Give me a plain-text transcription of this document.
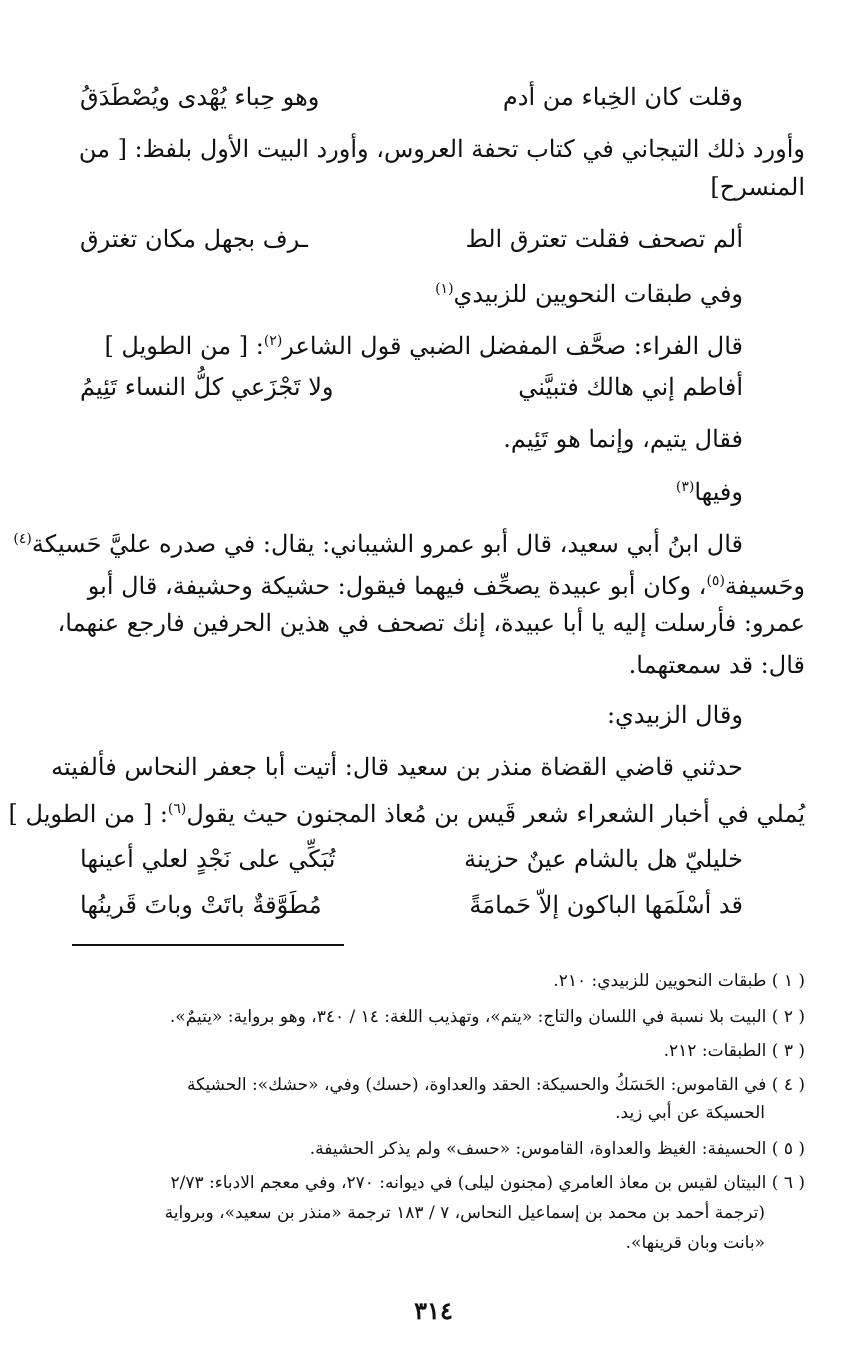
وقلت كان الخِباء من أدم
وهو حِباء يُهْدى ويُصْطَدَقُ
وأورد ذلك التيجاني في كتاب تحفة العروس، وأورد البيت الأول بلفظ: [ من
المنسرح]
ألم تصحف فقلت تعترق الط
ـرف بجهل مكان تغترق
وفي طبقات النحويين للزبيدي$^{(١)}$
قال الفراء: صحَّف المفضل الضبي قول الشاعر$^{(٢)}$: [ من الطويل ]
أفاطم إني هالك فتبيَّني
ولا تَجْزَعي كلُّ النساء تَئِيمُ
فقال يتيم، وإنما هو تَئِيم.
وفيها$^{(٣)}$
قال ابنُ أبي سعيد، قال أبو عمرو الشيباني: يقال: في صدره عليَّ حَسيكة$^{(٤)}$
وحَسيفة$^{(٥)}$، وكان أبو عبيدة يصحِّف فيهما فيقول: حشيكة وحشيفة، قال أبو
عمرو: فأرسلت إليه يا أبا عبيدة، إنك تصحف في هذين الحرفين فارجع عنهما،
قال: قد سمعتهما.
وقال الزبيدي:
حدثني قاضي القضاة منذر بن سعيد قال: أتيت أبا جعفر النحاس فألفيته
يُملي في أخبار الشعراء شعر قَيس بن مُعاذ المجنون حيث يقول$^{(٦)}$: [ من الطويل ]
خليليّ هل بالشام عينٌ حزينة
تُبَكِّي على نَجْدٍ لعلي أعينها
قد أسْلَمَها الباكون إلاّ حَمامَةً
مُطَوَّقةٌ باتَتْ وباتَ قَرينُها
( ١ ) طبقات النحويين للزبيدي: ٢١٠.
( ٢ ) البيت بلا نسبة في اللسان والتاج: «يتم»، وتهذيب اللغة: ١٤ / ٣٤٠، وهو برواية: «يتيمٌ».
( ٣ ) الطبقات: ٢١٢.
( ٤ ) في القاموس: الحَسَكُ والحسيكة: الحقد والعداوة، (حسك) وفي، «حشك»: الحشيكة
الحسيكة عن أبي زيد.
( ٥ ) الحسيفة: الغيظ والعداوة، القاموس: «حسف» ولم يذكر الحشيفة.
( ٦ ) البيتان لقيس بن معاذ العامري (مجنون ليلى) في ديوانه: ٢٧٠، وفي معجم الادباء: ٢/٧٣
(ترجمة أحمد بن محمد بن إسماعيل النحاس، ٧ / ١٨٣ ترجمة «منذر بن سعيد»، وبرواية
«بانت وبان قرينها».
٣١٤
